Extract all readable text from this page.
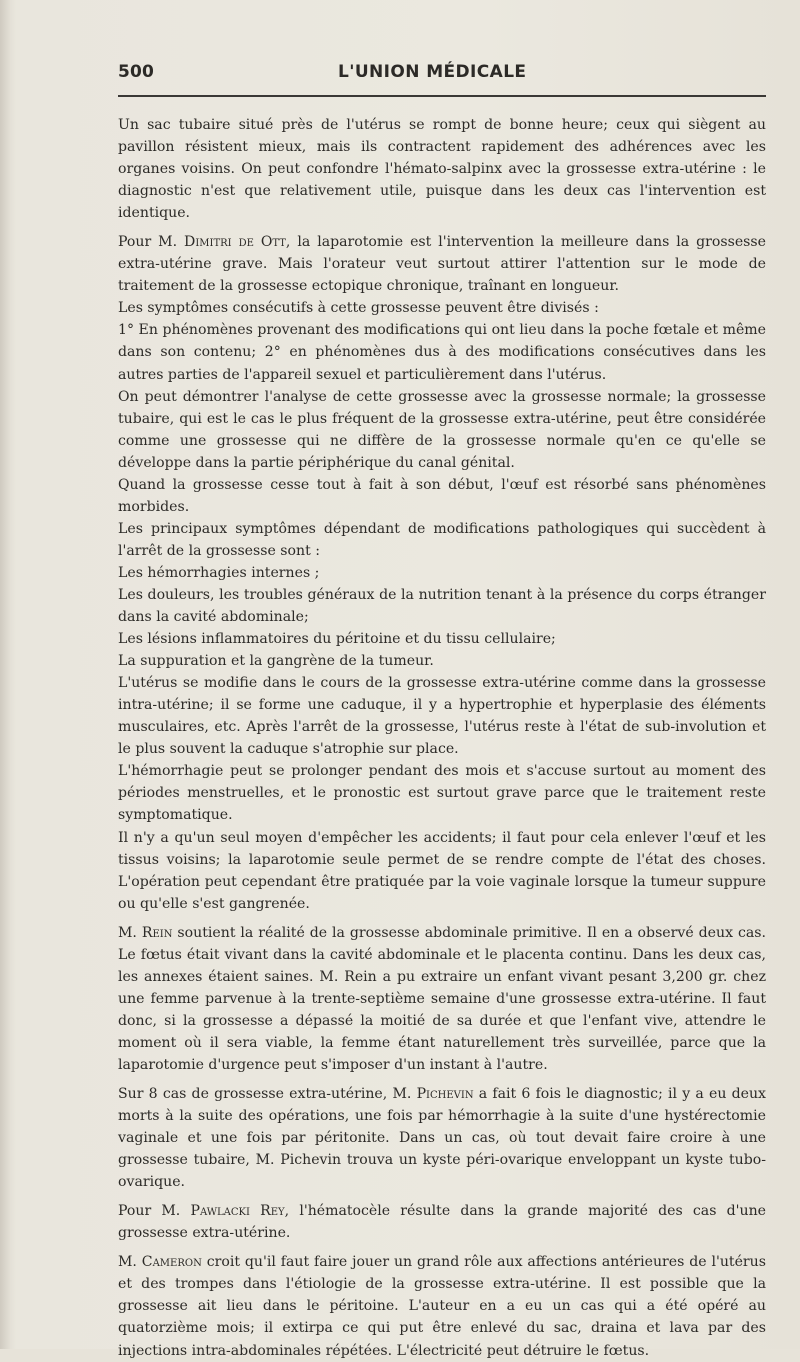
500	L'UNION MÉDICALE

Un sac tubaire situé près de l'utérus se rompt de bonne heure; ceux qui siègent au pavillon résistent mieux, mais ils contractent rapidement des adhérences avec les organes voisins. On peut confondre l'hémato-salpinx avec la grossesse extra-utérine : le diagnostic n'est que relativement utile, puisque dans les deux cas l'intervention est identique.

Pour M. Dimitri de Ott, la laparotomie est l'intervention la meilleure dans la grossesse extra-utérine grave. Mais l'orateur veut surtout attirer l'attention sur le mode de traitement de la grossesse ectopique chronique, traînant en longueur.

Les symptômes consécutifs à cette grossesse peuvent être divisés :

1° En phénomènes provenant des modifications qui ont lieu dans la poche fœtale et même dans son contenu; 2° en phénomènes dus à des modifications consécutives dans les autres parties de l'appareil sexuel et particulièrement dans l'utérus.

On peut démontrer l'analyse de cette grossesse avec la grossesse normale; la grossesse tubaire, qui est le cas le plus fréquent de la grossesse extra-utérine, peut être considérée comme une grossesse qui ne diffère de la grossesse normale qu'en ce qu'elle se développe dans la partie périphérique du canal génital.

Quand la grossesse cesse tout à fait à son début, l'œuf est résorbé sans phénomènes morbides.

Les principaux symptômes dépendant de modifications pathologiques qui succèdent à l'arrêt de la grossesse sont :

Les hémorrhagies internes ;

Les douleurs, les troubles généraux de la nutrition tenant à la présence du corps étranger dans la cavité abdominale;

Les lésions inflammatoires du péritoine et du tissu cellulaire;

La suppuration et la gangrène de la tumeur.

L'utérus se modifie dans le cours de la grossesse extra-utérine comme dans la grossesse intra-utérine; il se forme une caduque, il y a hypertrophie et hyperplasie des éléments musculaires, etc. Après l'arrêt de la grossesse, l'utérus reste à l'état de sub-involution et le plus souvent la caduque s'atrophie sur place.

L'hémorrhagie peut se prolonger pendant des mois et s'accuse surtout au moment des périodes menstruelles, et le pronostic est surtout grave parce que le traitement reste symptomatique.

Il n'y a qu'un seul moyen d'empêcher les accidents; il faut pour cela enlever l'œuf et les tissus voisins; la laparotomie seule permet de se rendre compte de l'état des choses. L'opération peut cependant être pratiquée par la voie vaginale lorsque la tumeur suppure ou qu'elle s'est gangrenée.

M. Rein soutient la réalité de la grossesse abdominale primitive. Il en a observé deux cas. Le fœtus était vivant dans la cavité abdominale et le placenta continu. Dans les deux cas, les annexes étaient saines. M. Rein a pu extraire un enfant vivant pesant 3,200 gr. chez une femme parvenue à la trente-septième semaine d'une grossesse extra-utérine. Il faut donc, si la grossesse a dépassé la moitié de sa durée et que l'enfant vive, attendre le moment où il sera viable, la femme étant naturellement très surveillée, parce que la laparotomie d'urgence peut s'imposer d'un instant à l'autre.

Sur 8 cas de grossesse extra-utérine, M. Pichevin a fait 6 fois le diagnostic; il y a eu deux morts à la suite des opérations, une fois par hémorrhagie à la suite d'une hystérectomie vaginale et une fois par péritonite. Dans un cas, où tout devait faire croire à une grossesse tubaire, M. Pichevin trouva un kyste péri-ovarique enveloppant un kyste tubo-ovarique.

Pour M. Pawlacki Rey, l'hématocèle résulte dans la grande majorité des cas d'une grossesse extra-utérine.

M. Cameron croit qu'il faut faire jouer un grand rôle aux affections antérieures de l'utérus et des trompes dans l'étiologie de la grossesse extra-utérine. Il est possible que la grossesse ait lieu dans le péritoine. L'auteur en a eu un cas qui a été opéré au quatorzième mois; il extirpa ce qui put être enlevé du sac, draina et lava par des injections intra-abdominales répétées. L'électricité peut détruire le fœtus.
